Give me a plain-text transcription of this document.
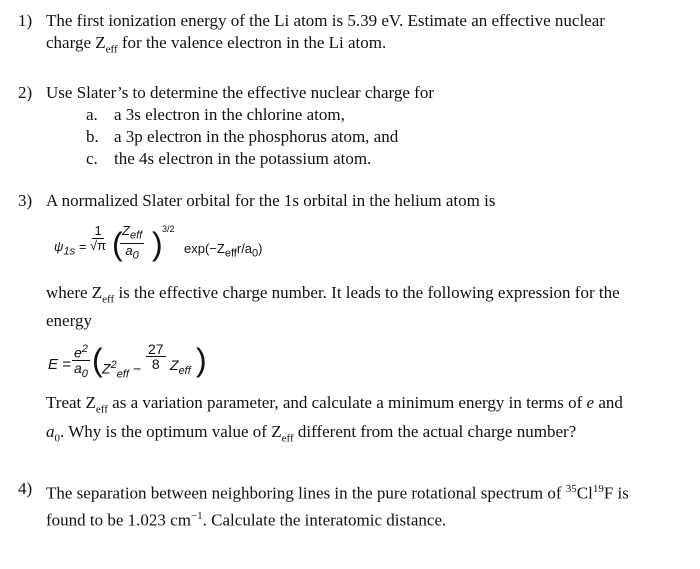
1) The first ionization energy of the Li atom is 5.39 eV. Estimate an effective nuclear
charge $Z_{eff}$ for the valence electron in the Li atom.
2) Use Slater’s to determine the effective nuclear charge for
a. a 3s electron in the chlorine atom,
b. a 3p electron in the phosphorus atom, and
c. the 4s electron in the potassium atom.
3) A normalized Slater orbital for the 1s orbital in the helium atom is
$\psi_{1s} = \frac{1}{√\pi}$ ( $Z_{eff}$
$a_0$ ) 3/2
$\exp(-Z_{eff}r/a_0)$
where $Z_{eff}$ is the effective charge number. It leads to the following expression for the
energy
$E = \frac{e^2}{a_0}$ ( $Z^2_{eff} - \frac{27}{8} Z_{eff}$ )
Treat $Z_{eff}$ as a variation parameter, and calculate a minimum energy in terms of e and
$a_0$. Why is the optimum value of $Z_{eff}$ different from the actual charge number?
4) The separation between neighboring lines in the pure rotational spectrum of $^{35}$Cl$^{19}$F is
found to be 1.023 $cm^{-1}$. Calculate the interatomic distance.
